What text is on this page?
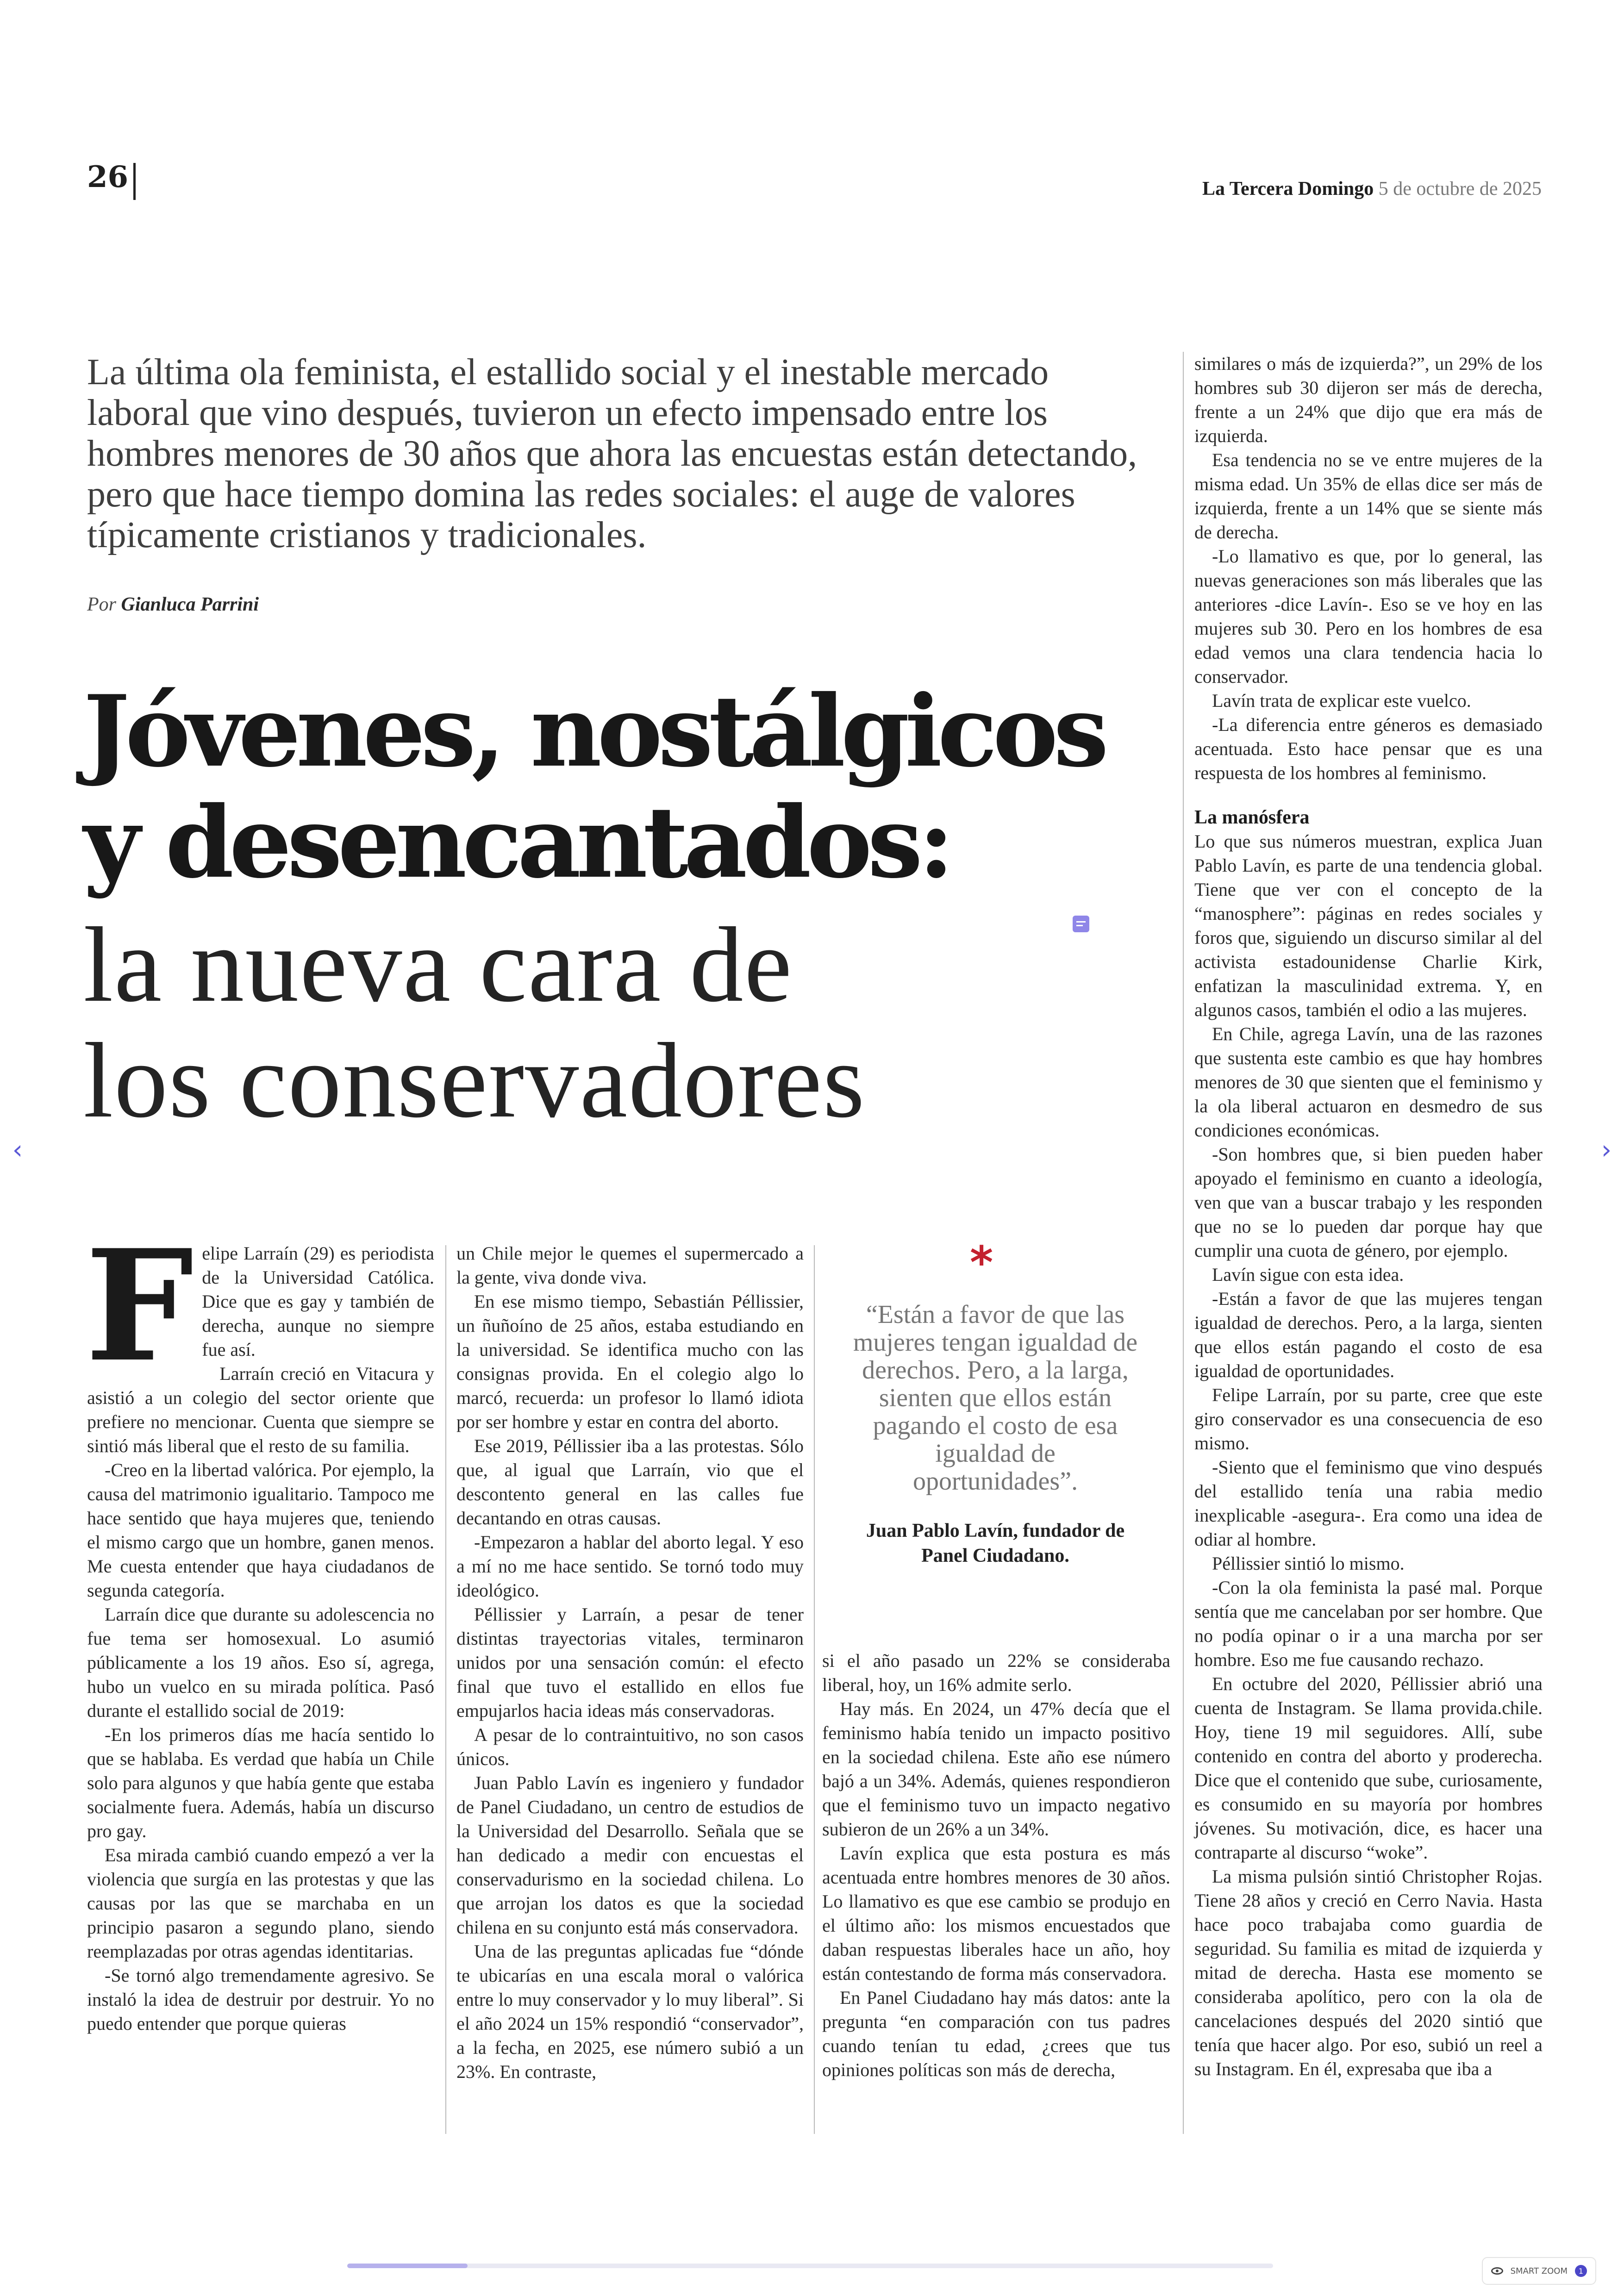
26	La Tercera Domingo 5 de octubre de 2025
La última ola feminista, el estallido social y el inestable mercado laboral que vino después, tuvieron un efecto impensado entre los hombres menores de 30 años que ahora las encuestas están detectando, pero que hace tiempo domina las redes sociales: el auge de valores típicamente cristianos y tradicionales.
Por Gianluca Parrini
Jóvenes, nostálgicos
y desencantados:
la nueva cara de
los conservadores

Felipe Larraín (29) es periodista de la Universidad Católica. Dice que es gay y también de derecha, aunque no siempre fue así.

Larraín creció en Vitacura y asistió a un colegio del sector oriente que prefiere no mencionar. Cuenta que siempre se sintió más liberal que el resto de su familia.

-Creo en la libertad valórica. Por ejemplo, la causa del matrimonio igualitario. Tampoco me hace sentido que haya mujeres que, teniendo el mismo cargo que un hombre, ganen menos. Me cuesta entender que haya ciudadanos de segunda categoría.

Larraín dice que durante su adolescencia no fue tema ser homosexual. Lo asumió públicamente a los 19 años. Eso sí, agrega, hubo un vuelco en su mirada política. Pasó durante el estallido social de 2019:

-En los primeros días me hacía sentido lo que se hablaba. Es verdad que había un Chile solo para algunos y que había gente que estaba socialmente fuera. Además, había un discurso pro gay.

Esa mirada cambió cuando empezó a ver la violencia que surgía en las protestas y que las causas por las que se marchaba en un principio pasaron a segundo plano, siendo reemplazadas por otras agendas identitarias.

-Se tornó algo tremendamente agresivo. Se instaló la idea de destruir por destruir. Yo no puedo entender que porque quieras

un Chile mejor le quemes el supermercado a la gente, viva donde viva.

En ese mismo tiempo, Sebastián Péllissier, un ñuñoíno de 25 años, estaba estudiando en la universidad. Se identifica mucho con las consignas provida. En el colegio algo lo marcó, recuerda: un profesor lo llamó idiota por ser hombre y estar en contra del aborto.

Ese 2019, Péllissier iba a las protestas. Sólo que, al igual que Larraín, vio que el descontento general en las calles fue decantando en otras causas.

-Empezaron a hablar del aborto legal. Y eso a mí no me hace sentido. Se tornó todo muy ideológico.

Péllissier y Larraín, a pesar de tener distintas trayectorias vitales, terminaron unidos por una sensación común: el efecto final que tuvo el estallido en ellos fue empujarlos hacia ideas más conservadoras.

A pesar de lo contraintuitivo, no son casos únicos.

Juan Pablo Lavín es ingeniero y fundador de Panel Ciudadano, un centro de estudios de la Universidad del Desarrollo. Señala que se han dedicado a medir con encuestas el conservadurismo en la sociedad chilena. Lo que arrojan los datos es que la sociedad chilena en su conjunto está más conservadora.

Una de las preguntas aplicadas fue “dónde te ubicarías en una escala moral o valórica entre lo muy conservador y lo muy liberal”. Si el año 2024 un 15% respondió “conservador”, a la fecha, en 2025, ese número subió a un 23%. En contraste,

*
“Están a favor de que las mujeres tengan igualdad de derechos. Pero, a la larga, sienten que ellos están pagando el costo de esa igualdad de oportunidades”.
Juan Pablo Lavín, fundador de Panel Ciudadano.

si el año pasado un 22% se consideraba liberal, hoy, un 16% admite serlo.

Hay más. En 2024, un 47% decía que el feminismo había tenido un impacto positivo en la sociedad chilena. Este año ese número bajó a un 34%. Además, quienes respondieron que el feminismo tuvo un impacto negativo subieron de un 26% a un 34%.

Lavín explica que esta postura es más acentuada entre hombres menores de 30 años. Lo llamativo es que ese cambio se produjo en el último año: los mismos encuestados que daban respuestas liberales hace un año, hoy están contestando de forma más conservadora.

En Panel Ciudadano hay más datos: ante la pregunta “en comparación con tus padres cuando tenían tu edad, ¿crees que tus opiniones políticas son más de derecha,

similares o más de izquierda?”, un 29% de los hombres sub 30 dijeron ser más de derecha, frente a un 24% que dijo que era más de izquierda.

Esa tendencia no se ve entre mujeres de la misma edad. Un 35% de ellas dice ser más de izquierda, frente a un 14% que se siente más de derecha.

-Lo llamativo es que, por lo general, las nuevas generaciones son más liberales que las anteriores -dice Lavín-. Eso se ve hoy en las mujeres sub 30. Pero en los hombres de esa edad vemos una clara tendencia hacia lo conservador.

Lavín trata de explicar este vuelco.

-La diferencia entre géneros es demasiado acentuada. Esto hace pensar que es una respuesta de los hombres al feminismo.

La manósfera

Lo que sus números muestran, explica Juan Pablo Lavín, es parte de una tendencia global. Tiene que ver con el concepto de la “manosphere”: páginas en redes sociales y foros que, siguiendo un discurso similar al del activista estadounidense Charlie Kirk, enfatizan la masculinidad extrema. Y, en algunos casos, también el odio a las mujeres.

En Chile, agrega Lavín, una de las razones que sustenta este cambio es que hay hombres menores de 30 que sienten que el feminismo y la ola liberal actuaron en desmedro de sus condiciones económicas.

-Son hombres que, si bien pueden haber apoyado el feminismo en cuanto a ideología, ven que van a buscar trabajo y les responden que no se lo pueden dar porque hay que cumplir una cuota de género, por ejemplo.

Lavín sigue con esta idea.

-Están a favor de que las mujeres tengan igualdad de derechos. Pero, a la larga, sienten que ellos están pagando el costo de esa igualdad de oportunidades.

Felipe Larraín, por su parte, cree que este giro conservador es una consecuencia de eso mismo.

-Siento que el feminismo que vino después del estallido tenía una rabia medio inexplicable -asegura-. Era como una idea de odiar al hombre.

Péllissier sintió lo mismo.

-Con la ola feminista la pasé mal. Porque sentía que me cancelaban por ser hombre. Que no podía opinar o ir a una marcha por ser hombre. Eso me fue causando rechazo.

En octubre del 2020, Péllissier abrió una cuenta de Instagram. Se llama provida.chile. Hoy, tiene 19 mil seguidores. Allí, sube contenido en contra del aborto y proderecha. Dice que el contenido que sube, curiosamente, es consumido en su mayoría por hombres jóvenes. Su motivación, dice, es hacer una contraparte al discurso “woke”.

La misma pulsión sintió Christopher Rojas. Tiene 28 años y creció en Cerro Navia. Hasta hace poco trabajaba como guardia de seguridad. Su familia es mitad de izquierda y mitad de derecha. Hasta ese momento se consideraba apolítico, pero con la ola de cancelaciones después del 2020 sintió que tenía que hacer algo. Por eso, subió un reel a su Instagram. En él, expresaba que iba a

‹	›
SMART ZOOM	1
